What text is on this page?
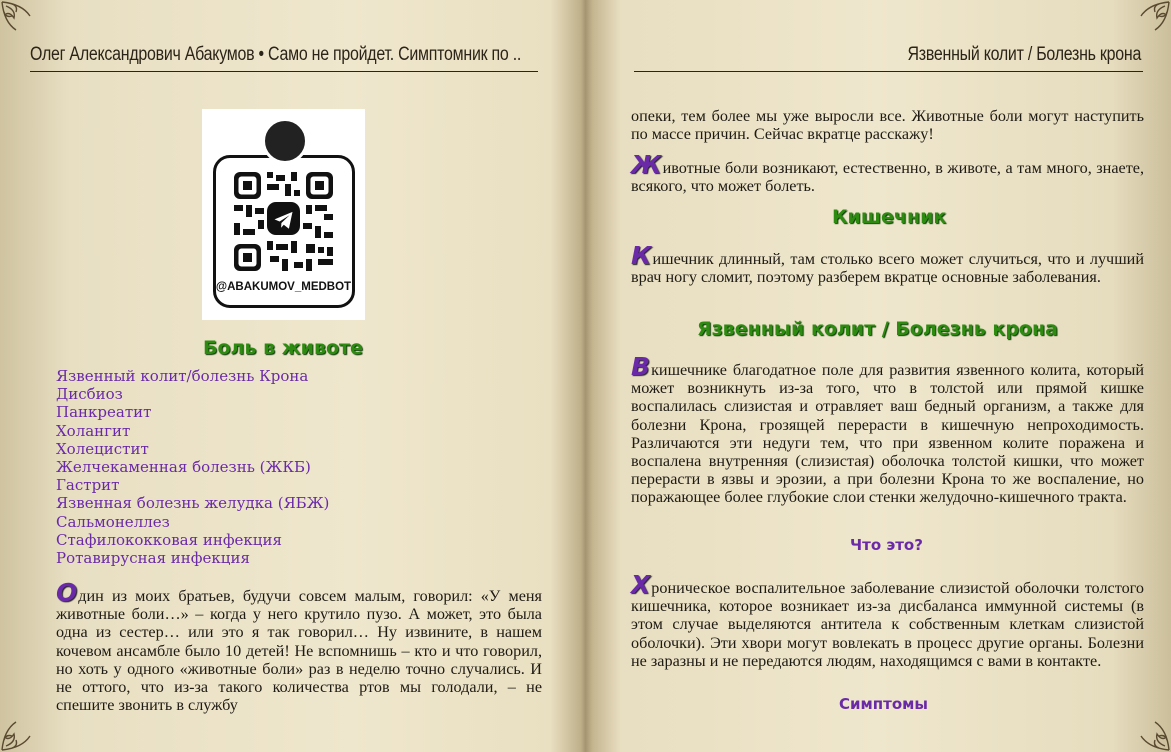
Олег Александрович Абакумов • Само не пройдет. Симптомник по ..
@ABAKUMOV_MEDBOT
Боль в животе
Язвенный колит/болезнь Крона
Дисбиоз
Панкреатит
Холангит
Холецистит
Желчекаменная болезнь (ЖКБ)
Гастрит
Язвенная болезнь желудка (ЯБЖ)
Сальмонеллез
Стафилококковая инфекция
Ротавирусная инфекция

Один из моих братьев, будучи совсем малым, говорил: «У меня животные боли…» – когда у него крутило пузо. А может, это была одна из сестер… или это я так говорил… Ну извините, в нашем кочевом ансамбле было 10 детей! Не вспомнишь – кто и что говорил, но хоть у одного «животные боли» раз в неделю точно случались. И не оттого, что из-за такого количества ртов мы голодали, – не спешите звонить в службу

Язвенный колит / Болезнь крона

опеки, тем более мы уже выросли все. Животные боли могут наступить по массе причин. Сейчас вкратце расскажу!

Животные боли возникают, естественно, в животе, а там много, знаете, всякого, что может болеть.

Кишечник

Кишечник длинный, там столько всего может случиться, что и лучший врач ногу сломит, поэтому разберем вкратце основные заболевания.

Язвенный колит / Болезнь крона

Вкишечнике благодатное поле для развития язвенного колита, который может возникнуть из-за того, что в толстой или прямой кишке воспалилась слизистая и отравляет ваш бедный организм, а также для болезни Крона, грозящей перерасти в кишечную непроходимость. Различаются эти недуги тем, что при язвенном колите поражена и воспалена внутренняя (слизистая) оболочка толстой кишки, что может перерасти в язвы и эрозии, а при болезни Крона то же воспаление, но поражающее более глубокие слои стенки желудочно-кишечного тракта.

Что это?

Хроническое воспалительное заболевание слизистой оболочки толстого кишечника, которое возникает из-за дисбаланса иммунной системы (в этом случае выделяются антитела к собственным клеткам слизистой оболочки). Эти хвори могут вовлекать в процесс другие органы. Болезни не заразны и не передаются людям, находящимся с вами в контакте.

Симптомы
